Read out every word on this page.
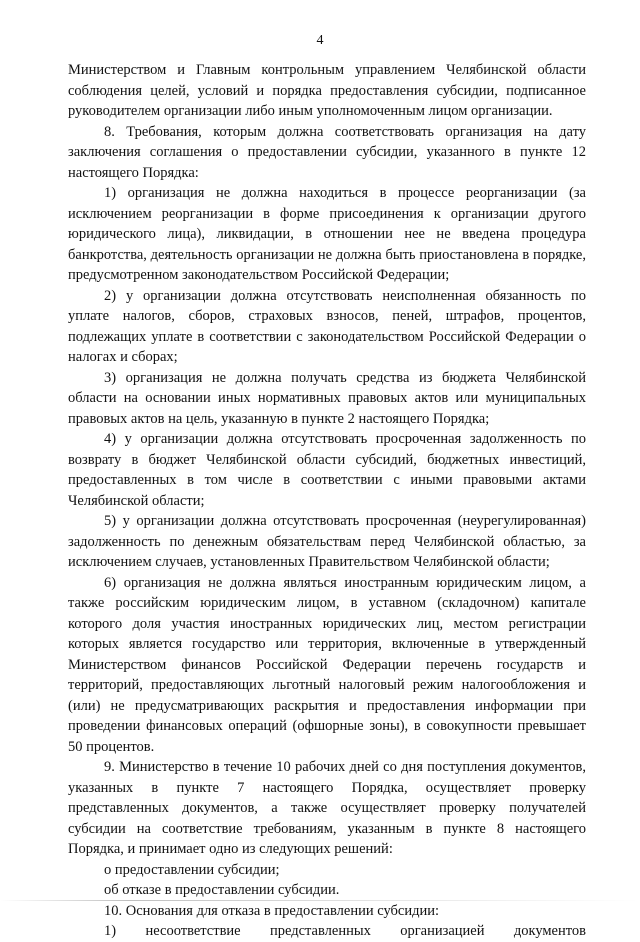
4

Министерством и Главным контрольным управлением Челябинской области соблюдения целей, условий и порядка предоставления субсидии, подписанное руководителем организации либо иным уполномоченным лицом организации.

8. Требования, которым должна соответствовать организация на дату заключения соглашения о предоставлении субсидии, указанного в пункте 12 настоящего Порядка:

1) организация не должна находиться в процессе реорганизации (за исключением реорганизации в форме присоединения к организации другого юридического лица), ликвидации, в отношении нее не введена процедура банкротства, деятельность организации не должна быть приостановлена в порядке, предусмотренном законодательством Российской Федерации;

2) у организации должна отсутствовать неисполненная обязанность по уплате налогов, сборов, страховых взносов, пеней, штрафов, процентов, подлежащих уплате в соответствии с законодательством Российской Федерации о налогах и сборах;

3) организация не должна получать средства из бюджета Челябинской области на основании иных нормативных правовых актов или муниципальных правовых актов на цель, указанную в пункте 2 настоящего Порядка;

4) у организации должна отсутствовать просроченная задолженность по возврату в бюджет Челябинской области субсидий, бюджетных инвестиций, предоставленных в том числе в соответствии с иными правовыми актами Челябинской области;

5) у организации должна отсутствовать просроченная (неурегулированная) задолженность по денежным обязательствам перед Челябинской областью, за исключением случаев, установленных Правительством Челябинской области;

6) организация не должна являться иностранным юридическим лицом, а также российским юридическим лицом, в уставном (складочном) капитале которого доля участия иностранных юридических лиц, местом регистрации которых является государство или территория, включенные в утвержденный Министерством финансов Российской Федерации перечень государств и территорий, предоставляющих льготный налоговый режим налогообложения и (или) не предусматривающих раскрытия и предоставления информации при проведении финансовых операций (офшорные зоны), в совокупности превышает 50 процентов.

9. Министерство в течение 10 рабочих дней со дня поступления документов, указанных в пункте 7 настоящего Порядка, осуществляет проверку представленных документов, а также осуществляет проверку получателей субсидии на соответствие требованиям, указанным в пункте 8 настоящего Порядка, и принимает одно из следующих решений:

о предоставлении субсидии;

об отказе в предоставлении субсидии.

10. Основания для отказа в предоставлении субсидии:

1) несоответствие представленных организацией документов
